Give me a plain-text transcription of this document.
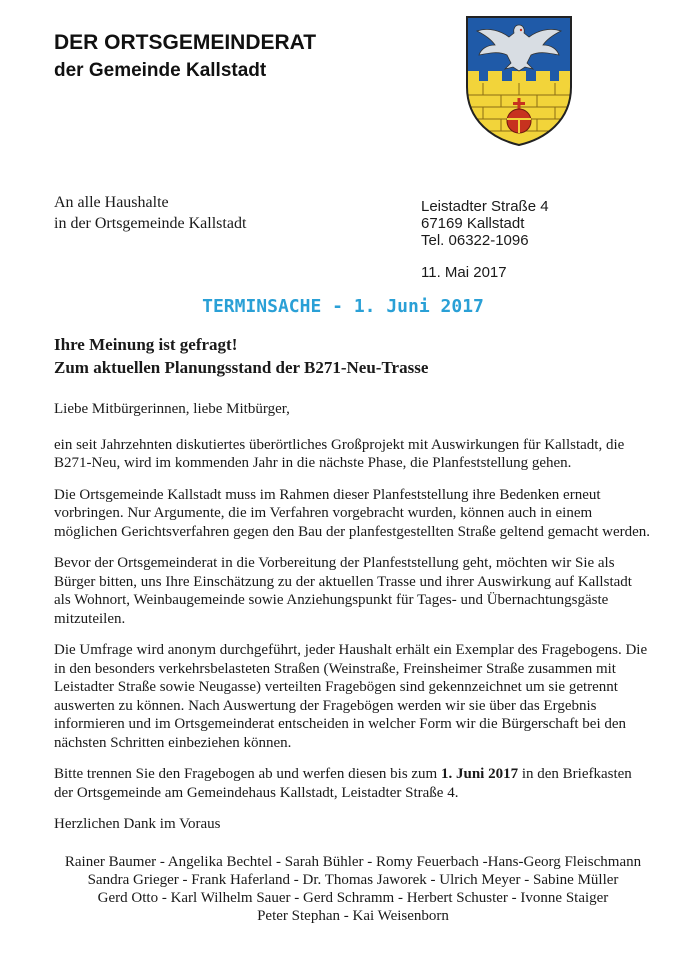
DER ORTSGEMEINDERAT
der Gemeinde Kallstadt
An alle Haushalte
in der Ortsgemeinde Kallstadt
Leistadter Straße 4
67169 Kallstadt
Tel. 06322-1096
11. Mai 2017
TERMINSACHE - 1. Juni 2017
Ihre Meinung ist gefragt!
Zum aktuellen Planungsstand der B271-Neu-Trasse

Liebe Mitbürgerinnen, liebe Mitbürger,

ein seit Jahrzehnten diskutiertes überörtliches Großprojekt mit Auswirkungen für Kallstadt, die B271-Neu, wird im kommenden Jahr in die nächste Phase, die Planfeststellung gehen.

Die Ortsgemeinde Kallstadt muss im Rahmen dieser Planfeststellung ihre Bedenken erneut vorbringen. Nur Argumente, die im Verfahren vorgebracht wurden, können auch in einem möglichen Gerichtsverfahren gegen den Bau der planfestgestellten Straße geltend gemacht werden.

Bevor der Ortsgemeinderat in die Vorbereitung der Planfeststellung geht, möchten wir Sie als Bürger bitten, uns Ihre Einschätzung zu der aktuellen Trasse und ihrer Auswirkung auf Kallstadt als Wohnort, Weinbaugemeinde sowie Anziehungspunkt für Tages- und Übernachtungsgäste mitzuteilen.

Die Umfrage wird anonym durchgeführt, jeder Haushalt erhält ein Exemplar des Fragebogens. Die in den besonders verkehrsbelasteten Straßen (Weinstraße, Freinsheimer Straße zusammen mit Leistadter Straße sowie Neugasse) verteilten Fragebögen sind gekennzeichnet um sie getrennt auswerten zu können. Nach Auswertung der Fragebögen werden wir sie über das Ergebnis informieren und im Ortsgemeinderat entscheiden in welcher Form wir die Bürgerschaft bei den nächsten Schritten einbeziehen können.

Bitte trennen Sie den Fragebogen ab und werfen diesen bis zum 1. Juni 2017 in den Briefkasten der Ortsgemeinde am Gemeindehaus Kallstadt, Leistadter Straße 4.

Herzlichen Dank im Voraus

Rainer Baumer - Angelika Bechtel - Sarah Bühler - Romy Feuerbach -Hans-Georg Fleischmann
Sandra Grieger - Frank Haferland - Dr. Thomas Jaworek - Ulrich Meyer - Sabine Müller
Gerd Otto - Karl Wilhelm Sauer - Gerd Schramm - Herbert Schuster - Ivonne Staiger
Peter Stephan - Kai Weisenborn
